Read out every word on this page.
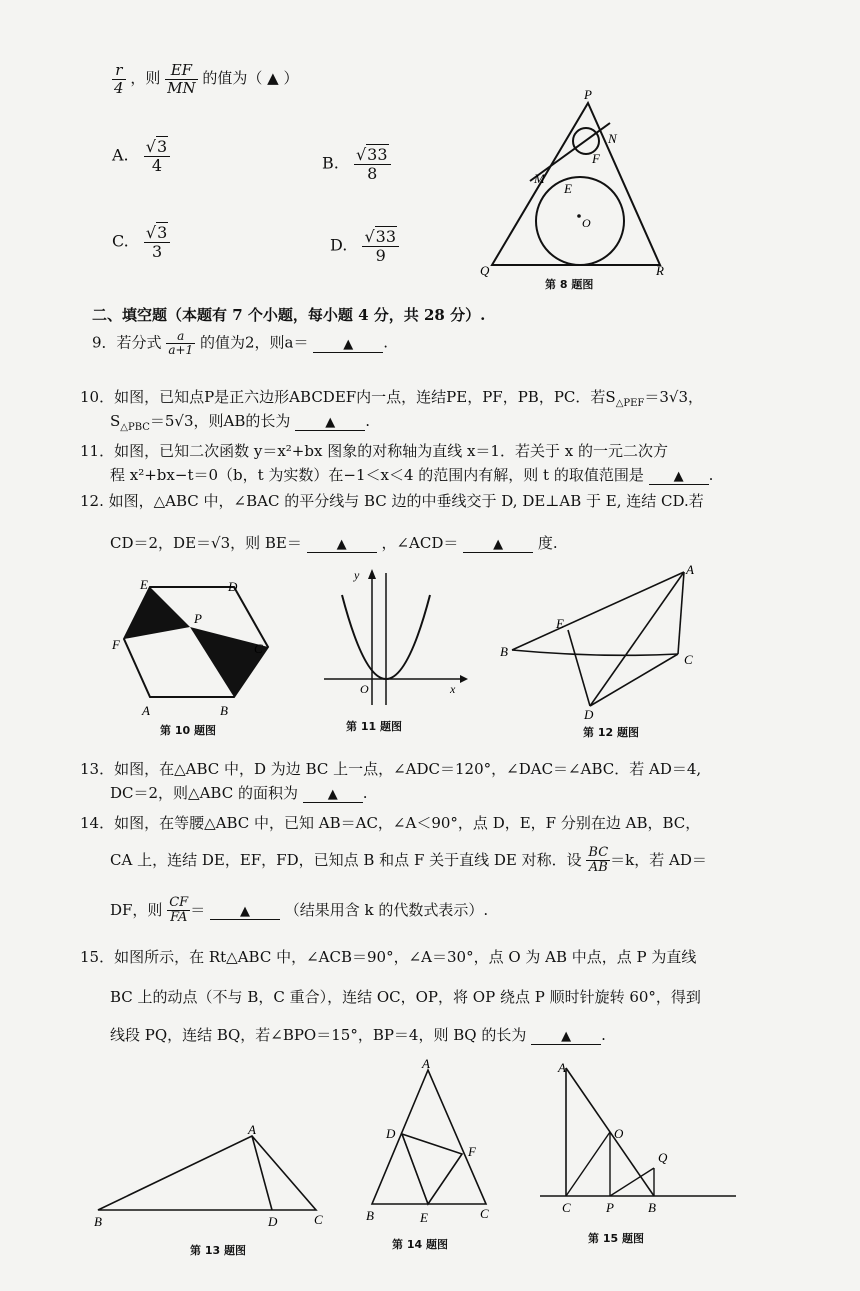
$\frac{r}{4}$ ，则 $\frac{EF}{MN}$ 的值为（ ▲ ）
A. $\frac{√3}{4}$	B. $\frac{√33}{8}$
C. $\frac{√3}{3}$	D. $\frac{√33}{9}$
P
N
M
F
E
O
Q	R
第 8 题图
二、填空题（本题有 7 个小题，每小题 4 分，共 28 分）.
9．若分式 $\frac{a}{a+1}$ 的值为2，则a＝	▲ .
10．如图，已知点P是正六边形ABCDEF内一点，连结PE，PF，PB，PC．若$S_{\triangle PEF}=3√3$，
$S_{\triangle PBC}=5√3$，则AB的长为	▲ .
11．如图，已知二次函数 y＝x²+bx 图象的对称轴为直线 x＝1．若关于 x 的一元二次方
程 x²+bx−t＝0（b，t 为实数）在−1＜x＜4 的范围内有解，则 t 的取值范围是 ▲ .
12. 如图，△ABC 中，∠BAC 的平分线与 BC 边的中垂线交于 D, DE⊥AB 于 E, 连结 CD.若
CD＝2，DE＝√3，则 BE＝	▲ ，∠ACD＝	▲ 度.
E	D
P
F	C
A	B
第 10 题图
y
O	x
第 11 题图
A
E
B
C
D
第 12 题图
13．如图，在△ABC 中，D 为边 BC 上一点，∠ADC＝120°，∠DAC＝∠ABC．若 AD＝4,
DC＝2，则△ABC 的面积为 ▲ .
14．如图，在等腰△ABC 中，已知 AB＝AC，∠A＜90°，点 D，E，F 分别在边 AB，BC，
CA 上，连结 DE，EF，FD，已知点 B 和点 F 关于直线 DE 对称．设 $\frac{BC}{AB} =k$，若 AD＝
DF，则 $\frac{CF}{FA}$ ＝	▲ （结果用含 k 的代数式表示）.
15．如图所示，在 Rt△ABC 中，∠ACB＝90°，∠A＝30°，点 O 为 AB 中点，点 P 为直线
BC 上的动点（不与 B，C 重合），连结 OC，OP，将 OP 绕点 P 顺时针旋转 60°，得到
线段 PQ，连结 BQ，若∠BPO＝15°，BP＝4，则 BQ 的长为	▲ .
A
B	D	C
第 13 题图
A
D
F
B	E	C
第 14 题图
A
O
Q
C	P	B
第 15 题图
